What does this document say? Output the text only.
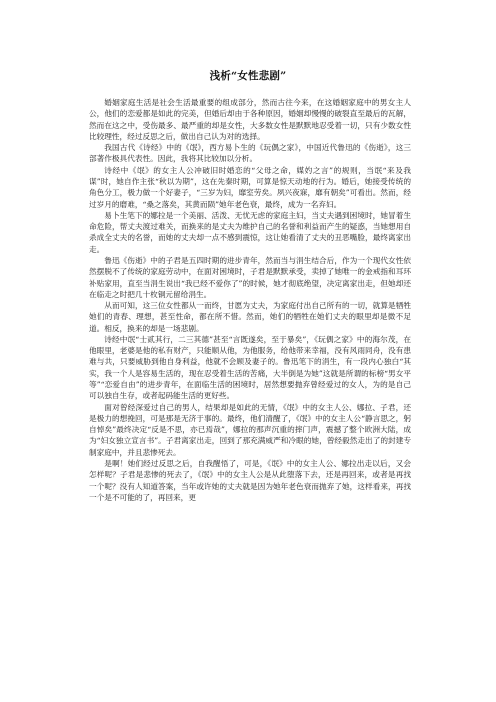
浅析“女性悲剧”

婚姻家庭生活是社会生活最重要的组成部分，然而古往今来，在这婚姻家庭中的男女主人公，他们的恋爱都是如此的完美，但婚后却由于各种原因，婚姻却慢慢的破裂直至最后的瓦解，然而在这之中，受伤最多、最严重的却是女性，大多数女性是默默地忍受着一切，只有少数女性比较理性，经过反思之后，做出自己认为对的选择。

我国古代《诗经》中的《氓》，西方易卜生的《玩偶之家》，中国近代鲁迅的《伤逝》，这三部著作极具代表性。因此，我将其比较加以分析。

诗经中《氓》的女主人公冲破旧时婚恋的“父母之命，媒妁之言”的规则，当氓“来及我谋”时，她自作主张“秋以为期”，这在先秦时期，可算是惊天动地的行为。婚后，她接受传统的角色分工，极力做一个好妻子，“三岁为妇，靡室劳矣。夙兴夜寐，靡有朝矣”可看出。然而，经过岁月的磨难，“桑之落矣，其黄而陨”她年老色衰，最终，成为一名弃妇。

易卜生笔下的娜拉是一个美丽、活泼、无忧无虑的家庭主妇，当丈夫遇到困境时，她冒着生命危险，帮丈夫渡过难关，而换来的是丈夫为维护自己的名誉和利益而产生的疑惑，当她想用自杀成全丈夫的名誉，而她的丈夫却一点不感到震惊，这让她看清了丈夫的丑恶嘴脸，最终离家出走。

鲁迅《伤逝》中的子君是五四时期的进步青年，然而当与涓生结合后，作为一个现代女性依然摆脱不了传统的家庭劳动中，在面对困境时，子君是默默承受，卖掉了她唯一的金戒指和耳环补贴家用，直至当涓生说出“我已经不爱你了”的时候，她才彻底绝望，决定离家出走，但她却还在临走之时把几十枚铜元留给涓生。

从而可知，这三位女性都从一而终，甘愿为丈夫，为家庭付出自己所有的一切，就算是牺牲她们的青春、理想，甚至性命，都在所不惜。然而，她们的牺牲在她们丈夫的眼里却是微不足道。相反，换来的却是一场悲剧。

诗经中氓“士贰其行，二三其德”甚至“言既遂矣，至于暴矣”，《玩偶之家》中的海尔茂，在他眼里，老婆是他的私有财产，只能顺从他，为他服务，给他带来幸福，没有风雨同舟，没有患难与共，只要威胁到他自身利益，他就不会顾及妻子的。鲁迅笔下的涓生，有一段内心独白“其实，我一个人是容易生活的，现在忍受着生活的苦痛，大半倒是为她”这就是所谓的标榜“男女平等”“恋爱自由”的进步青年，在面临生活的困境时，居然想要抛弃曾经爱过的女人，为的是自己可以独自生存，或者起码能生活的更好些。

面对曾经深爱过自己的男人，结果却是如此的无情，《氓》中的女主人公、娜拉、子君，还是极力的想挽回，可是那是无济于事的。最终，他们清醒了，《氓》中的女主人公“静言思之，躬自悼矣”最终决定“反是不思，亦已焉哉”，娜拉的那声沉重的摔门声，震撼了整个欧洲大陆，成为“妇女独立宣言书”。子君离家出走，回到了那充满威严和冷眼的她，曾经毅然走出了的封建专制家庭中，并且悲惨死去。

是啊！她们经过反思之后，自我醒悟了，可是，《氓》中的女主人公、娜拉出走以后，又会怎样呢？子君是悲惨的死去了，《氓》中的女主人公是从此堕落下去，还是再回来，或者是再找一个呢？没有人知道答案，当年或许她的丈夫就是因为她年老色衰而抛弃了她，这样看来，再找一个是不可能的了，再回来，更
